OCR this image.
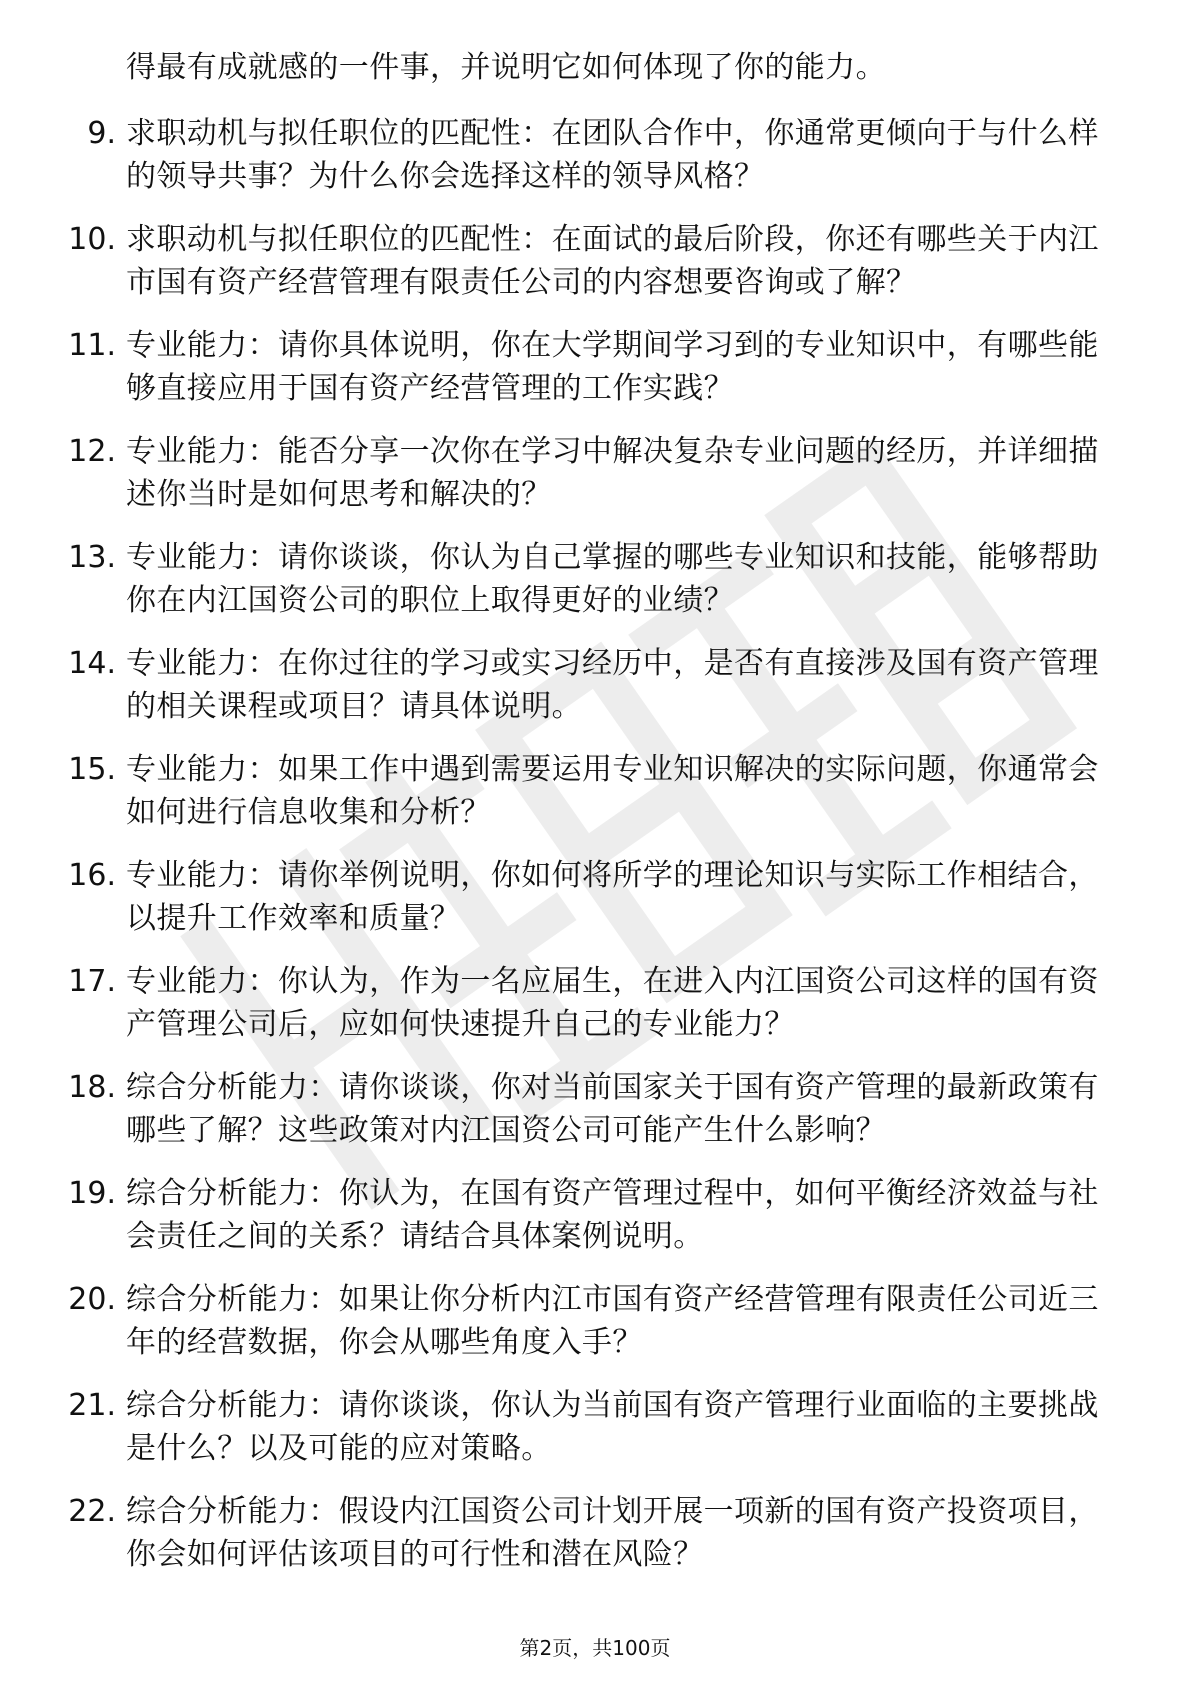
得最有成就感的一件事，并说明它如何体现了你的能力。
9. 求职动机与拟任职位的匹配性：在团队合作中，你通常更倾向于与什么样的领导共事？为什么你会选择这样的领导风格？
10. 求职动机与拟任职位的匹配性：在面试的最后阶段，你还有哪些关于内江市国有资产经营管理有限责任公司的内容想要咨询或了解？
11. 专业能力：请你具体说明，你在大学期间学习到的专业知识中，有哪些能够直接应用于国有资产经营管理的工作实践？
12. 专业能力：能否分享一次你在学习中解决复杂专业问题的经历，并详细描述你当时是如何思考和解决的？
13. 专业能力：请你谈谈，你认为自己掌握的哪些专业知识和技能，能够帮助你在内江国资公司的职位上取得更好的业绩？
14. 专业能力：在你过往的学习或实习经历中，是否有直接涉及国有资产管理的相关课程或项目？请具体说明。
15. 专业能力：如果工作中遇到需要运用专业知识解决的实际问题，你通常会如何进行信息收集和分析？
16. 专业能力：请你举例说明，你如何将所学的理论知识与实际工作相结合，以提升工作效率和质量？
17. 专业能力：你认为，作为一名应届生，在进入内江国资公司这样的国有资产管理公司后，应如何快速提升自己的专业能力？
18. 综合分析能力：请你谈谈，你对当前国家关于国有资产管理的最新政策有哪些了解？这些政策对内江国资公司可能产生什么影响？
19. 综合分析能力：你认为，在国有资产管理过程中，如何平衡经济效益与社会责任之间的关系？请结合具体案例说明。
20. 综合分析能力：如果让你分析内江市国有资产经营管理有限责任公司近三年的经营数据，你会从哪些角度入手？
21. 综合分析能力：请你谈谈，你认为当前国有资产管理行业面临的主要挑战是什么？以及可能的应对策略。
22. 综合分析能力：假设内江国资公司计划开展一项新的国有资产投资项目，你会如何评估该项目的可行性和潜在风险？
第2页，共100页
